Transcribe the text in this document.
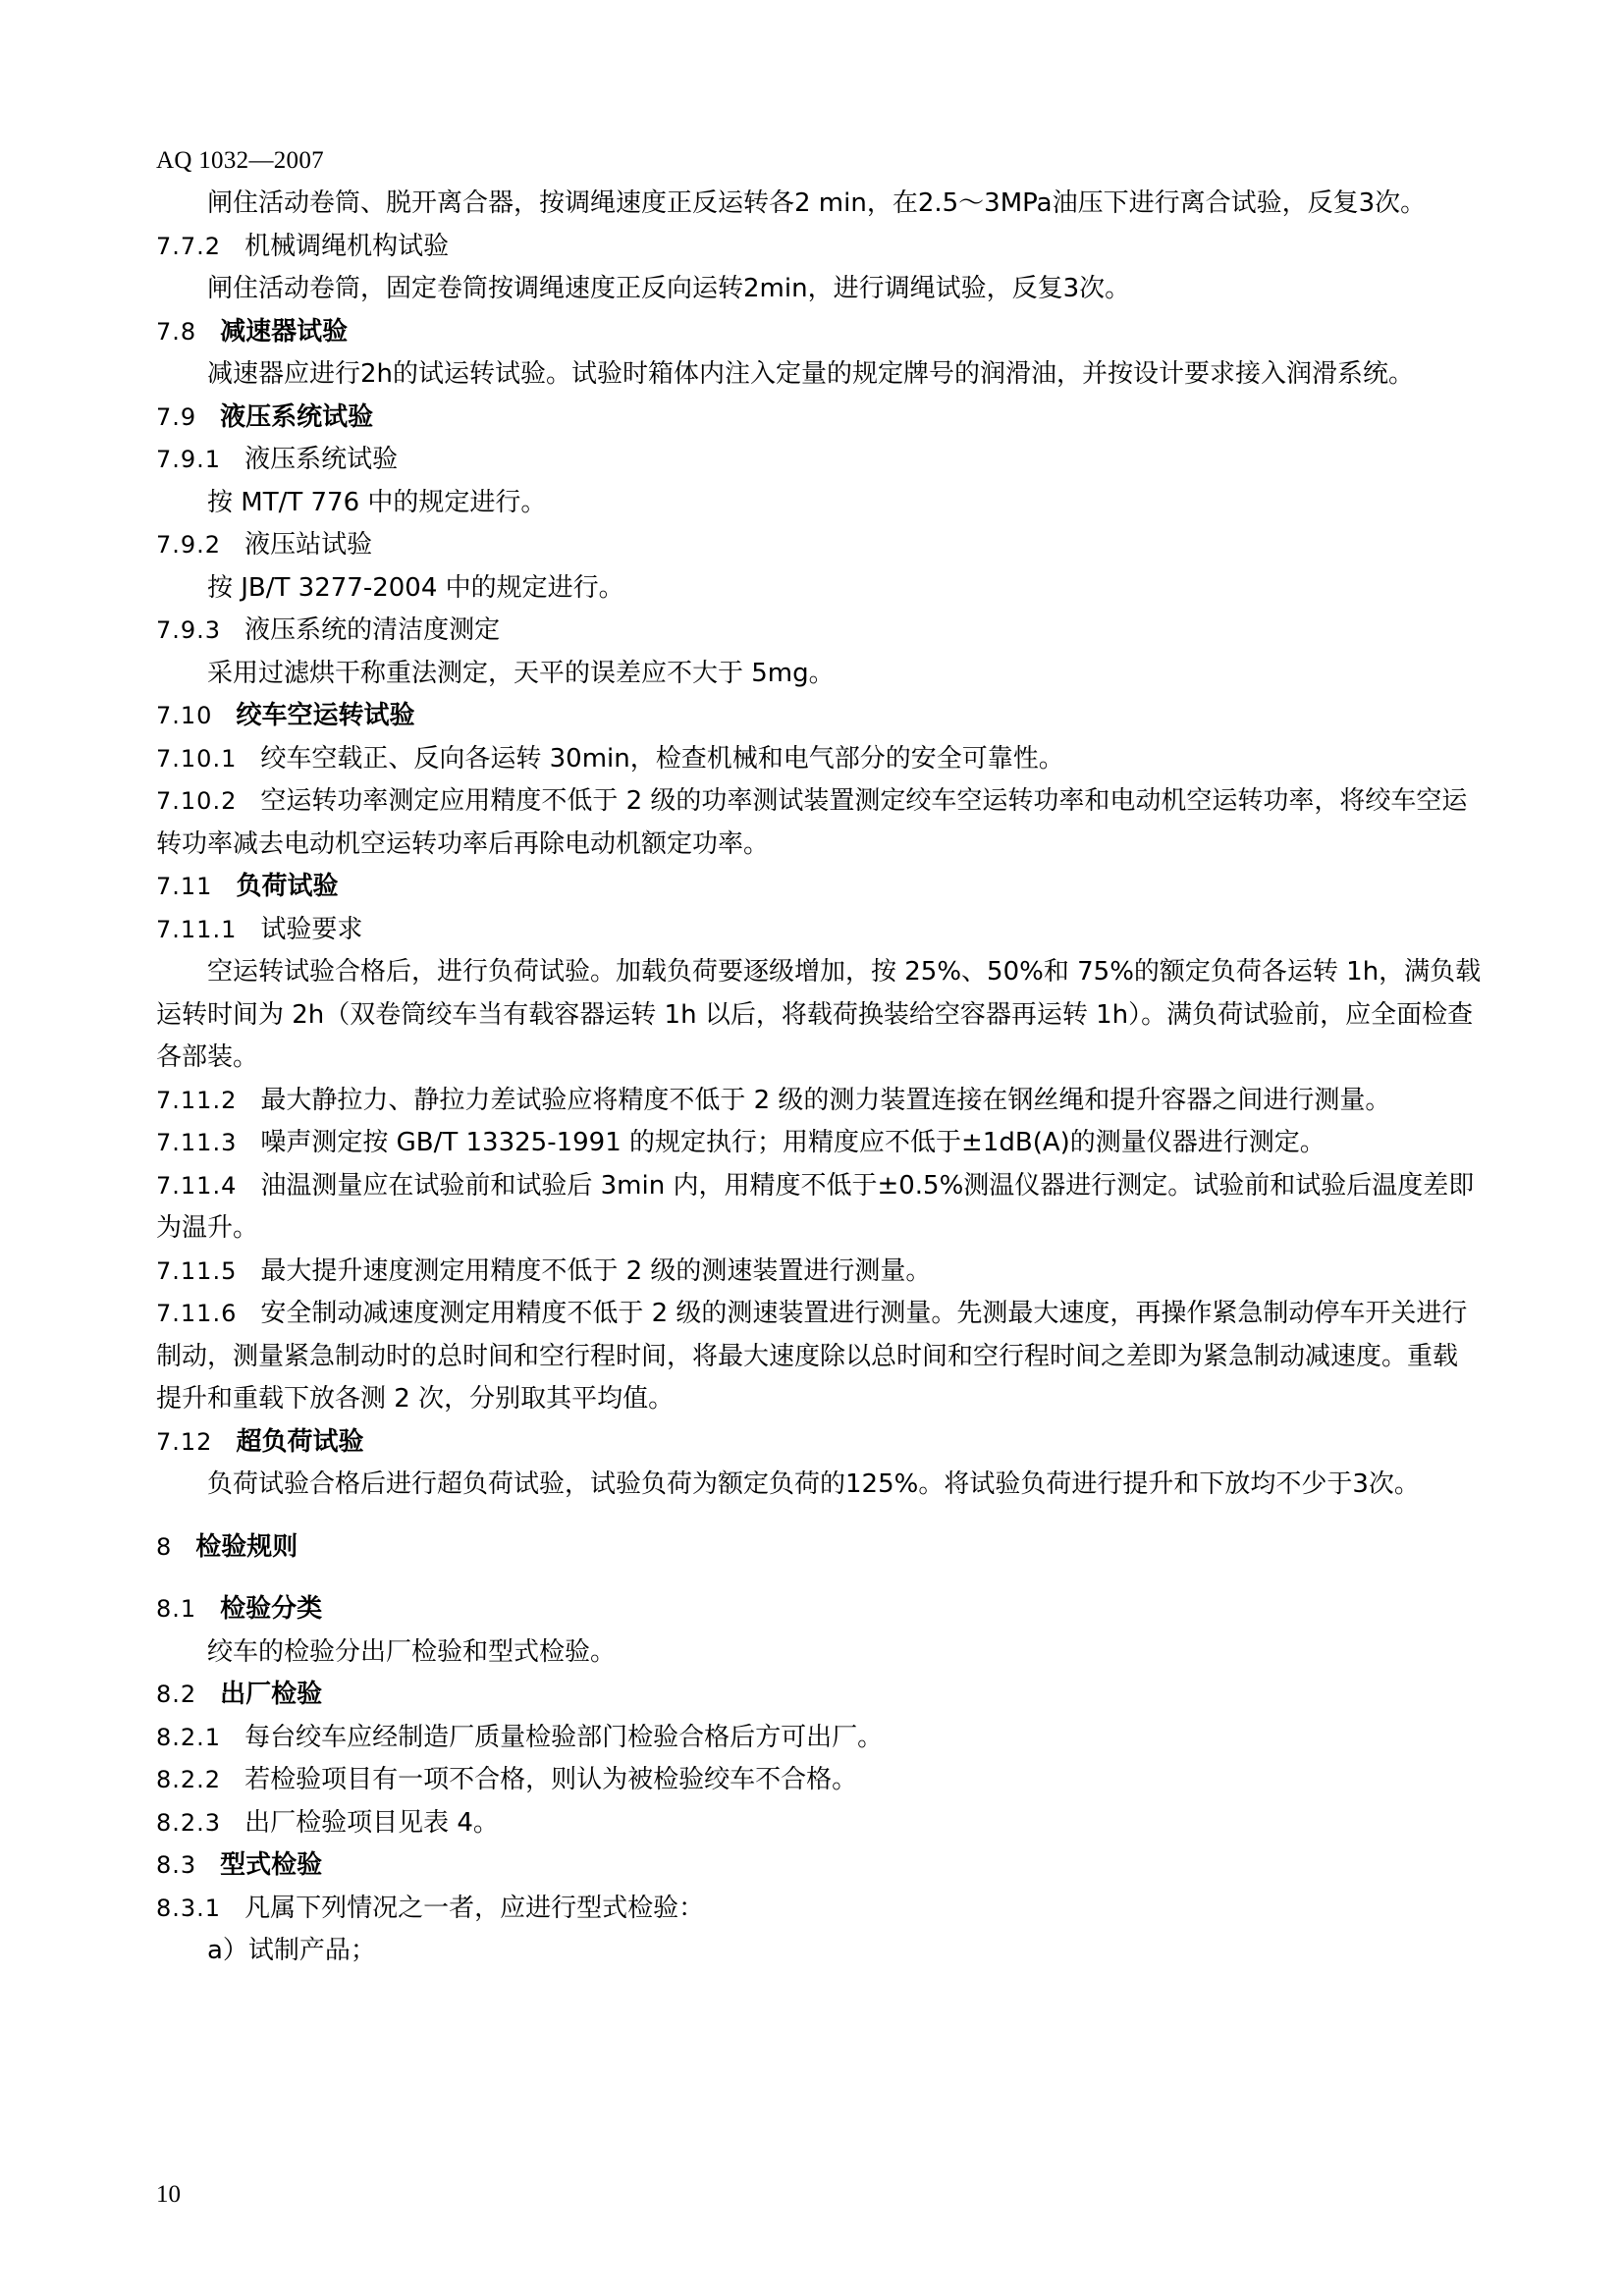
AQ 1032—2007

闸住活动卷筒、脱开离合器，按调绳速度正反运转各2 min，在2.5～3MPa油压下进行离合试验，反复3次。

7.7.2 机械调绳机构试验

闸住活动卷筒，固定卷筒按调绳速度正反向运转2min，进行调绳试验，反复3次。

7.8 减速器试验

减速器应进行2h的试运转试验。试验时箱体内注入定量的规定牌号的润滑油，并按设计要求接入润滑系统。

7.9 液压系统试验
7.9.1 液压系统试验

按 MT/T 776 中的规定进行。

7.9.2 液压站试验

按 JB/T 3277-2004 中的规定进行。

7.9.3 液压系统的清洁度测定

采用过滤烘干称重法测定，天平的误差应不大于 5mg。

7.10 绞车空运转试验
7.10.1 绞车空载正、反向各运转 30min，检查机械和电气部分的安全可靠性。
7.10.2 空运转功率测定应用精度不低于 2 级的功率测试装置测定绞车空运转功率和电动机空运转功率，将绞车空运转功率减去电动机空运转功率后再除电动机额定功率。
7.11 负荷试验
7.11.1 试验要求

空运转试验合格后，进行负荷试验。加载负荷要逐级增加，按 25%、50%和 75%的额定负荷各运转 1h，满负载运转时间为 2h（双卷筒绞车当有载容器运转 1h 以后，将载荷换装给空容器再运转 1h）。满负荷试验前，应全面检查各部装。

7.11.2 最大静拉力、静拉力差试验应将精度不低于 2 级的测力装置连接在钢丝绳和提升容器之间进行测量。
7.11.3 噪声测定按 GB/T 13325-1991 的规定执行；用精度应不低于±1dB(A)的测量仪器进行测定。
7.11.4 油温测量应在试验前和试验后 3min 内，用精度不低于±0.5%测温仪器进行测定。试验前和试验后温度差即为温升。
7.11.5 最大提升速度测定用精度不低于 2 级的测速装置进行测量。
7.11.6 安全制动减速度测定用精度不低于 2 级的测速装置进行测量。先测最大速度，再操作紧急制动停车开关进行制动，测量紧急制动时的总时间和空行程时间，将最大速度除以总时间和空行程时间之差即为紧急制动减速度。重载提升和重载下放各测 2 次，分别取其平均值。
7.12 超负荷试验

负荷试验合格后进行超负荷试验，试验负荷为额定负荷的125%。将试验负荷进行提升和下放均不少于3次。

8 检验规则
8.1 检验分类

绞车的检验分出厂检验和型式检验。

8.2 出厂检验
8.2.1 每台绞车应经制造厂质量检验部门检验合格后方可出厂。
8.2.2 若检验项目有一项不合格，则认为被检验绞车不合格。
8.2.3 出厂检验项目见表 4。
8.3 型式检验
8.3.1 凡属下列情况之一者，应进行型式检验：

a）试制产品；

10
